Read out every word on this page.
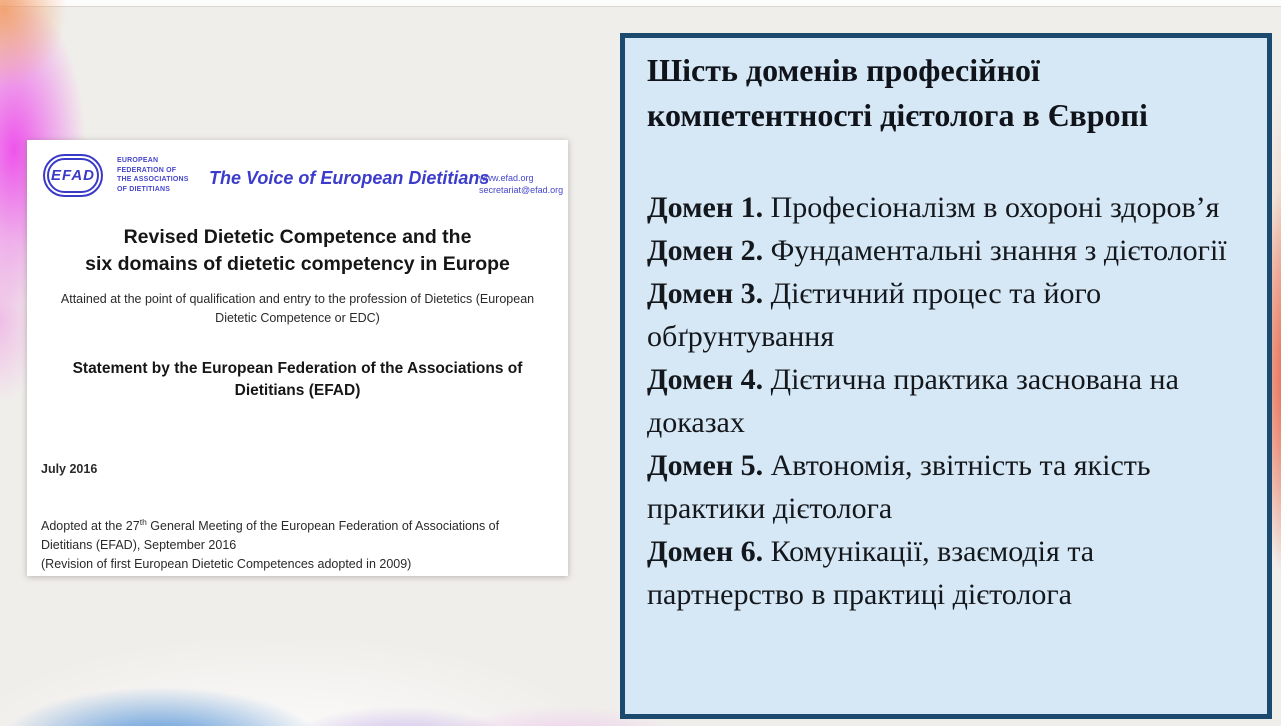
EFAD
EUROPEAN
FEDERATION OF
THE ASSOCIATIONS
OF DIETITIANS
The Voice of European Dietitians
www.efad.org
secretariat@efad.org
Revised Dietetic Competence and the
six domains of dietetic competency in Europe
Attained at the point of qualification and entry to the profession of Dietetics (European Dietetic Competence or EDC)
Statement by the European Federation of the Associations of Dietitians (EFAD)
July 2016

Adopted at the 27th General Meeting of the European Federation of Associations of Dietitians (EFAD), September 2016

(Revision of first European Dietetic Competences adopted in 2009)

Шість доменів професійної компетентності дієтолога в Європі

Домен 1. Професіоналізм в охороні здоров’я

Домен 2. Фундаментальні знання з дієтології

Домен 3. Дієтичний процес та його обґрунтування

Домен 4. Дієтична практика заснована на доказах

Домен 5. Автономія, звітність та якість практики дієтолога

Домен 6. Комунікації, взаємодія та партнерство в практиці дієтолога
